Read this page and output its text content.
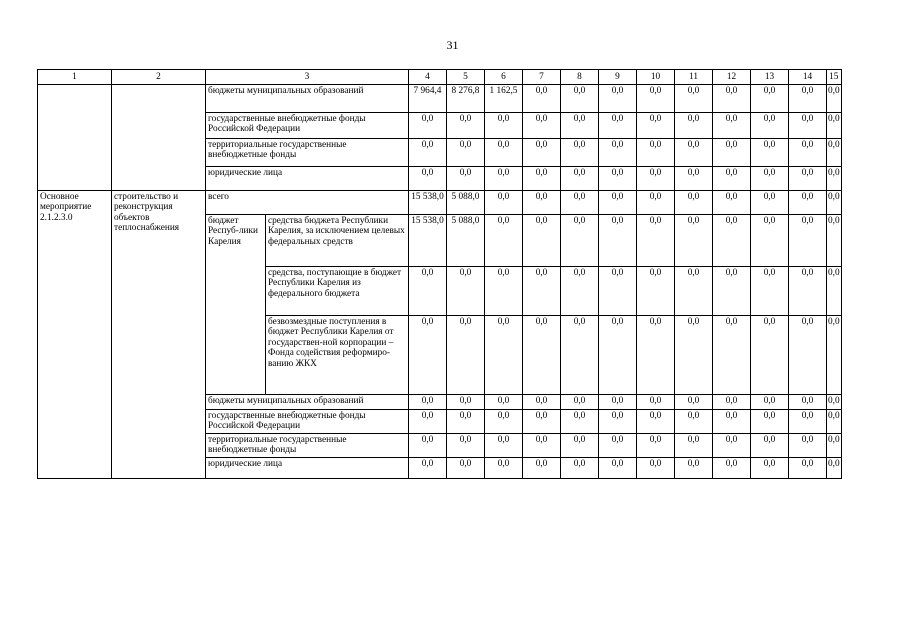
31
1	2	3		4	5	6	7	8	9	10	11	12	13	14	15
		бюджеты муниципальных образований		7 964,4	8 276,8	1 162,5	0,0	0,0	0,0	0,0	0,0	0,0	0,0	0,0	0,0
		государственные внебюджетные фонды Российской Федерации		0,0	0,0	0,0	0,0	0,0	0,0	0,0	0,0	0,0	0,0	0,0	0,0
		территориальные государственные внебюджетные фонды		0,0	0,0	0,0	0,0	0,0	0,0	0,0	0,0	0,0	0,0	0,0	0,0
		юридические лица		0,0	0,0	0,0	0,0	0,0	0,0	0,0	0,0	0,0	0,0	0,0	0,0
Основное мероприятие 2.1.2.3.0	строительство и реконструкция объектов теплоснабжения	всего		15 538,0	5 088,0	0,0	0,0	0,0	0,0	0,0	0,0	0,0	0,0	0,0	0,0
		бюджет Респуб-лики Карелия	средства бюджета Республики Карелия, за исключением целевых федеральных средств	15 538,0	5 088,0	0,0	0,0	0,0	0,0	0,0	0,0	0,0	0,0	0,0	0,0
			средства, поступающие в бюджет Республики Карелия из федерального бюджета	0,0	0,0	0,0	0,0	0,0	0,0	0,0	0,0	0,0	0,0	0,0	0,0
			безвозмездные поступления в бюджет Республики Карелия от государствен-ной корпорации – Фонда содействия реформиро-ванию ЖКХ	0,0	0,0	0,0	0,0	0,0	0,0	0,0	0,0	0,0	0,0	0,0	0,0
		бюджеты муниципальных образований		0,0	0,0	0,0	0,0	0,0	0,0	0,0	0,0	0,0	0,0	0,0	0,0
		государственные внебюджетные фонды Российской Федерации		0,0	0,0	0,0	0,0	0,0	0,0	0,0	0,0	0,0	0,0	0,0	0,0
		территориальные государственные внебюджетные фонды		0,0	0,0	0,0	0,0	0,0	0,0	0,0	0,0	0,0	0,0	0,0	0,0
		юридические лица		0,0	0,0	0,0	0,0	0,0	0,0	0,0	0,0	0,0	0,0	0,0	0,0
